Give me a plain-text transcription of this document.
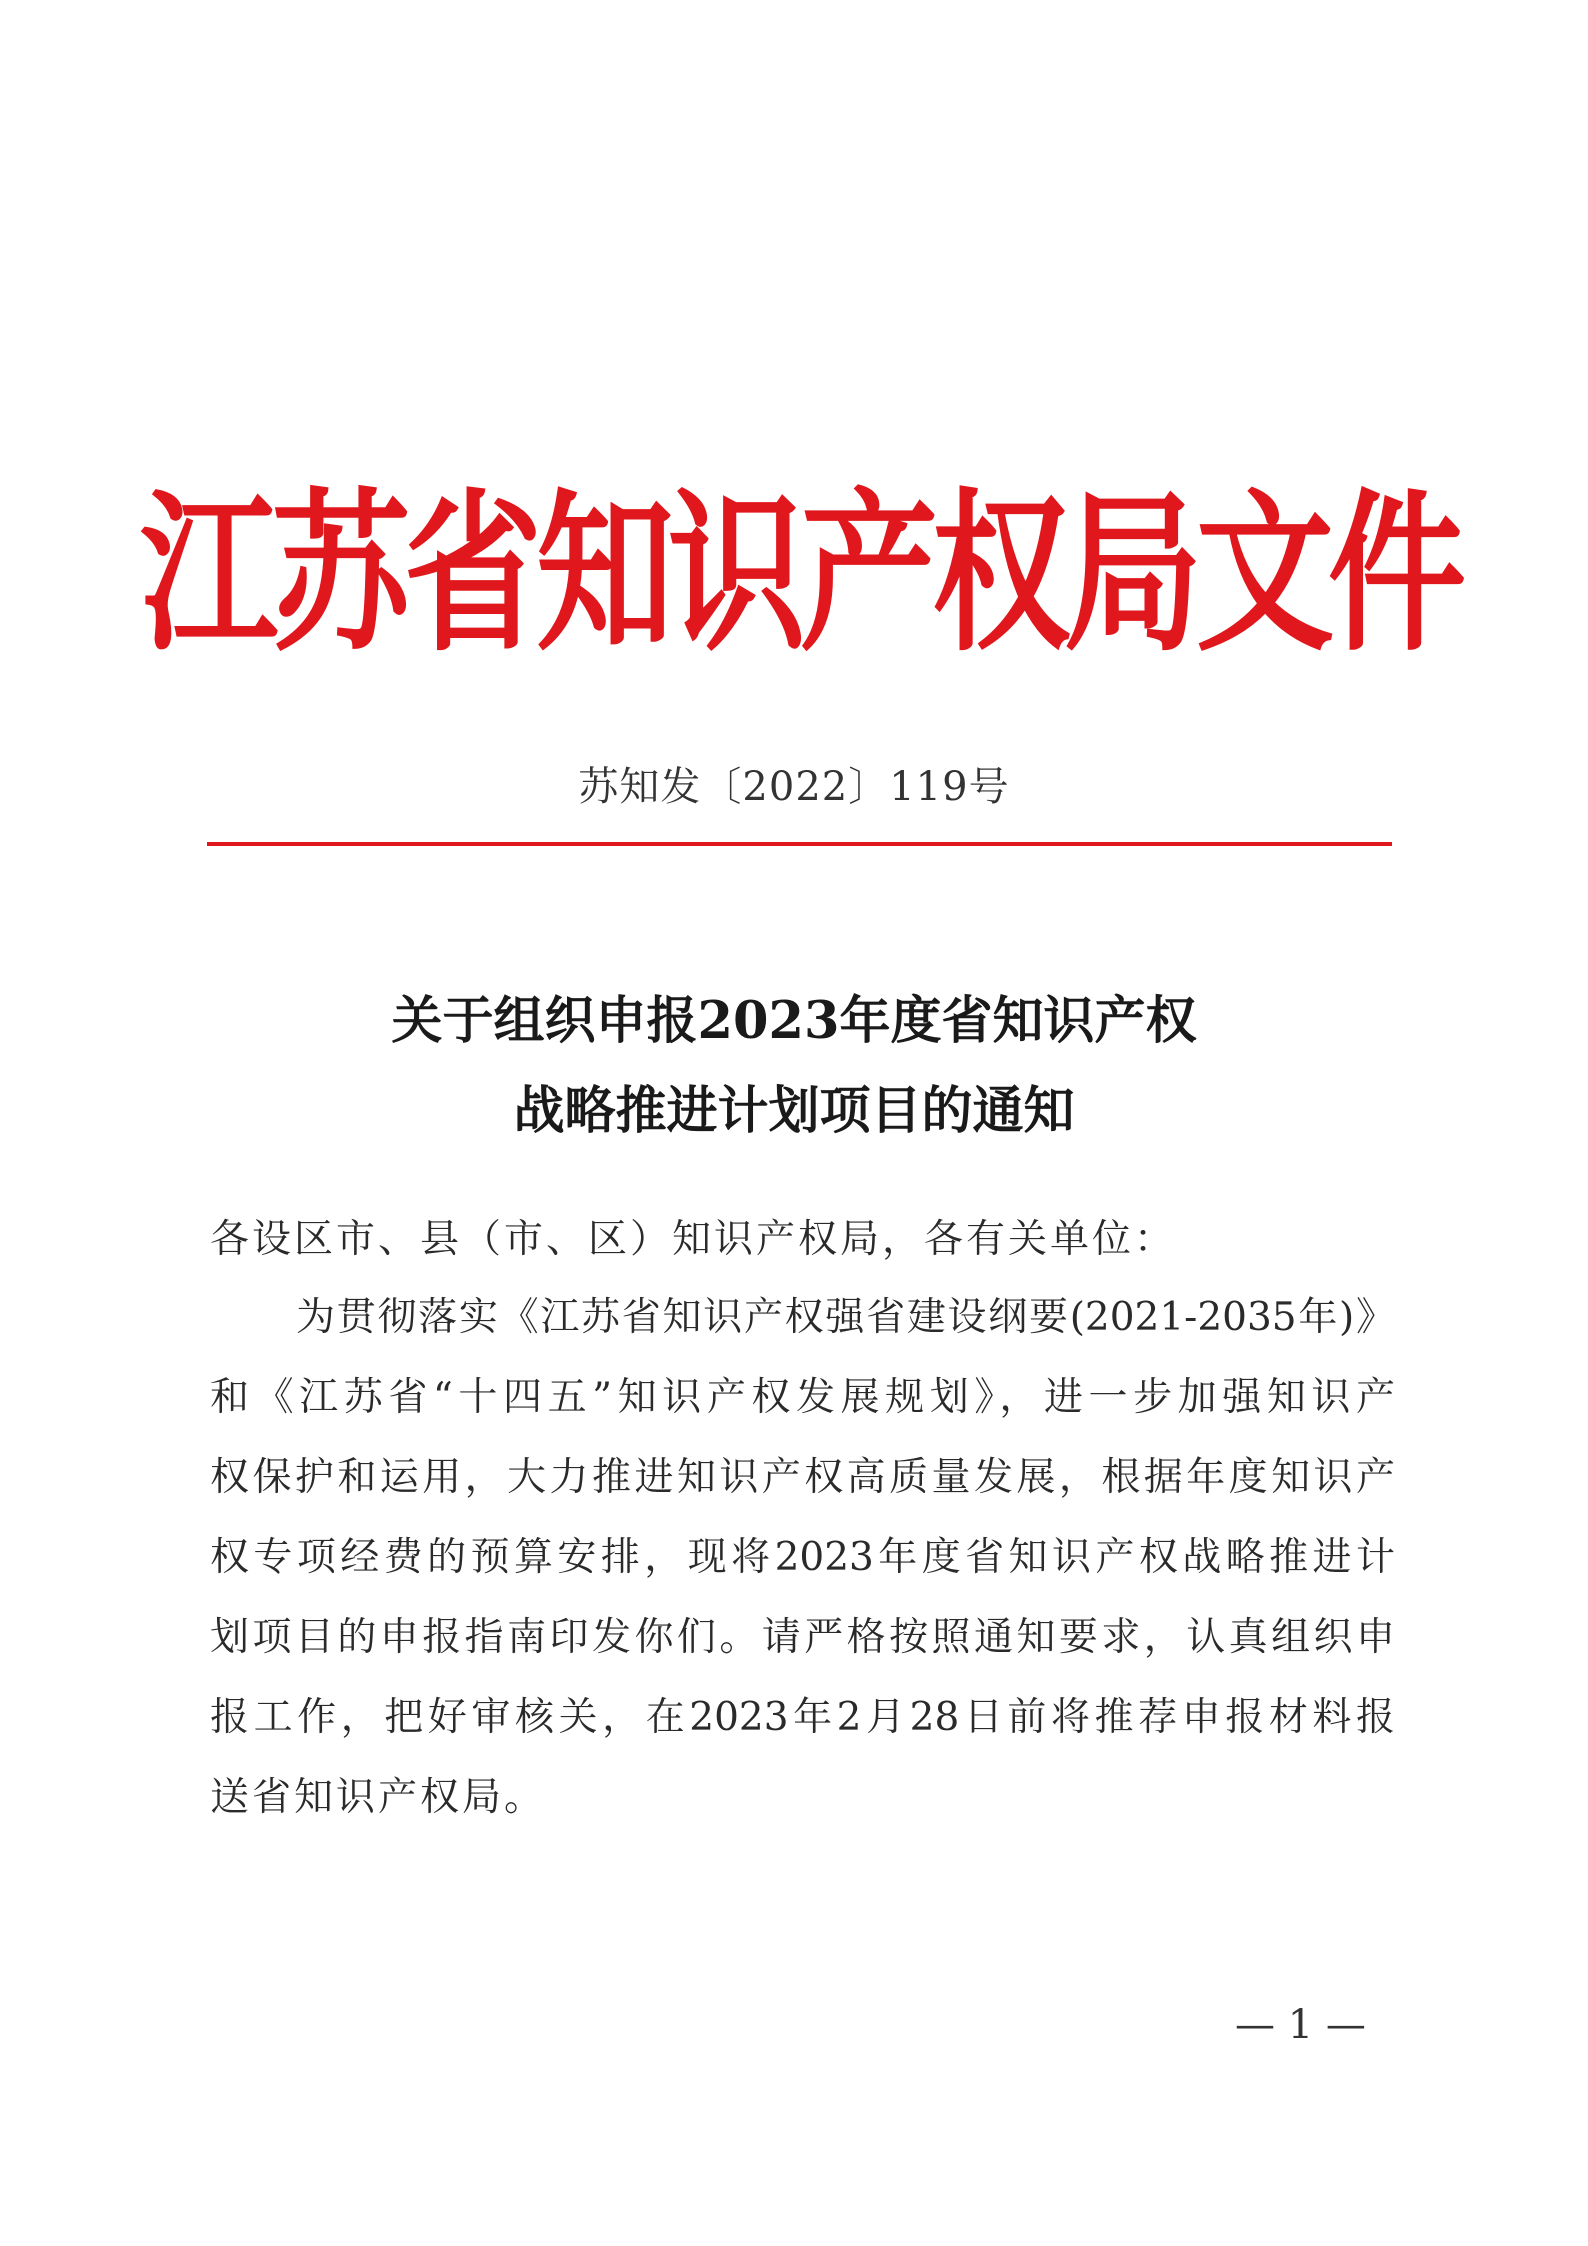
江苏省知识产权局文件
苏知发〔2022〕119号
关于组织申报2023年度省知识产权
战略推进计划项目的通知
各设区市、县（市、区）知识产权局，各有关单位：
为贯彻落实《江苏省知识产权强省建设纲要(2021-2035年)》
和《江苏省“十四五”知识产权发展规划》，进一步加强知识产
权保护和运用，大力推进知识产权高质量发展，根据年度知识产
权专项经费的预算安排，现将2023年度省知识产权战略推进计
划项目的申报指南印发你们。请严格按照通知要求，认真组织申
报工作，把好审核关，在2023年2月28日前将推荐申报材料报
送省知识产权局。
— 1 —
